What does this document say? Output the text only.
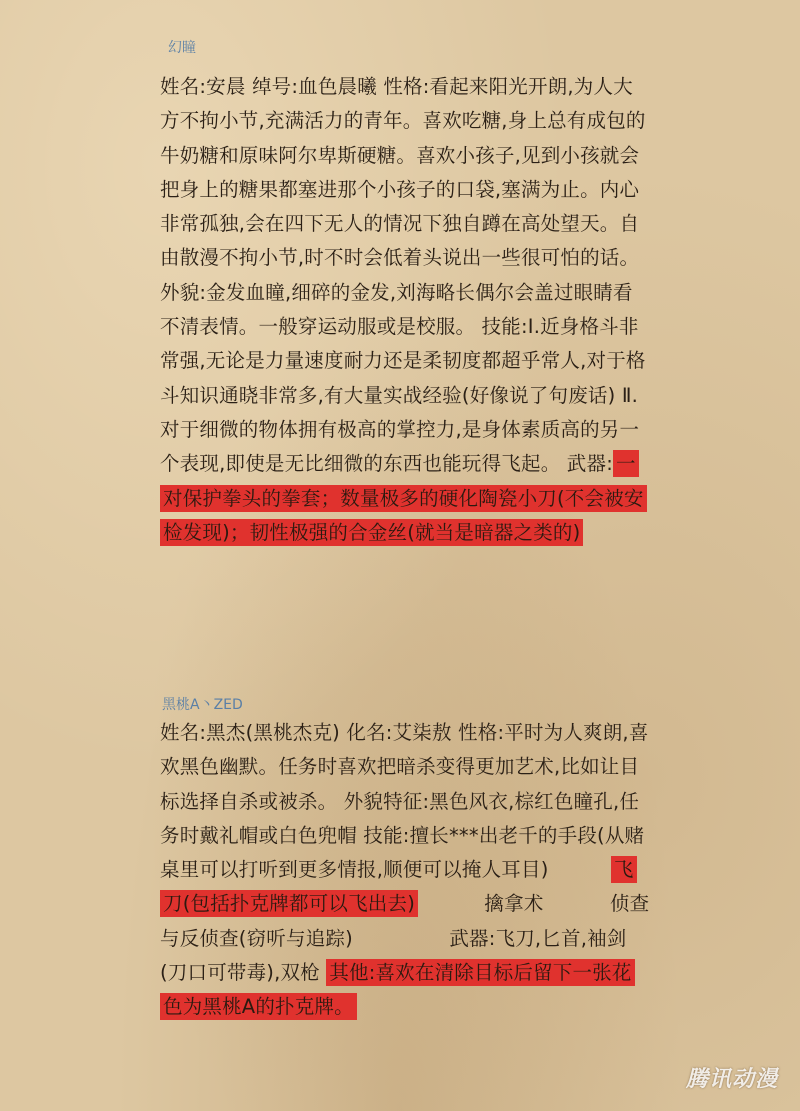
幻瞳
姓名:安晨 绰号:血色晨曦 性格:看起来阳光开朗,为人大方不拘小节,充满活力的青年。喜欢吃糖,身上总有成包的牛奶糖和原味阿尔卑斯硬糖。喜欢小孩子,见到小孩就会把身上的糖果都塞进那个小孩子的口袋,塞满为止。内心非常孤独,会在四下无人的情况下独自蹲在高处望天。自由散漫不拘小节,时不时会低着头说出一些很可怕的话。 外貌:金发血瞳,细碎的金发,刘海略长偶尔会盖过眼睛看不清表情。一般穿运动服或是校服。 技能:Ⅰ.近身格斗非常强,无论是力量速度耐力还是柔韧度都超乎常人,对于格斗知识通晓非常多,有大量实战经验(好像说了句废话) Ⅱ.对于细微的物体拥有极高的掌控力,是身体素质高的另一个表现,即使是无比细微的东西也能玩得飞起。 武器: 一对保护拳头的拳套；数量极多的硬化陶瓷小刀(不会被安检发现)；韧性极强的合金丝(就当是暗器之类的)
黑桃A丶ZED
姓名:黑杰(黑桃杰克) 化名:艾柒敖 性格:平时为人爽朗,喜欢黑色幽默。任务时喜欢把暗杀变得更加艺术,比如让目标选择自杀或被杀。 外貌特征:黑色风衣,棕红色瞳孔,任务时戴礼帽或白色兜帽 技能:擅长***出老千的手段(从赌桌里可以打听到更多情报,顺便可以掩人耳目)	飞刀(包括扑克牌都可以飞出去)	擒拿术	侦查与反侦查(窃听与追踪)	武器:飞刀,匕首,袖剑(刀口可带毒),双枪 其他:喜欢在清除目标后留下一张花色为黑桃A的扑克牌。
腾讯动漫
